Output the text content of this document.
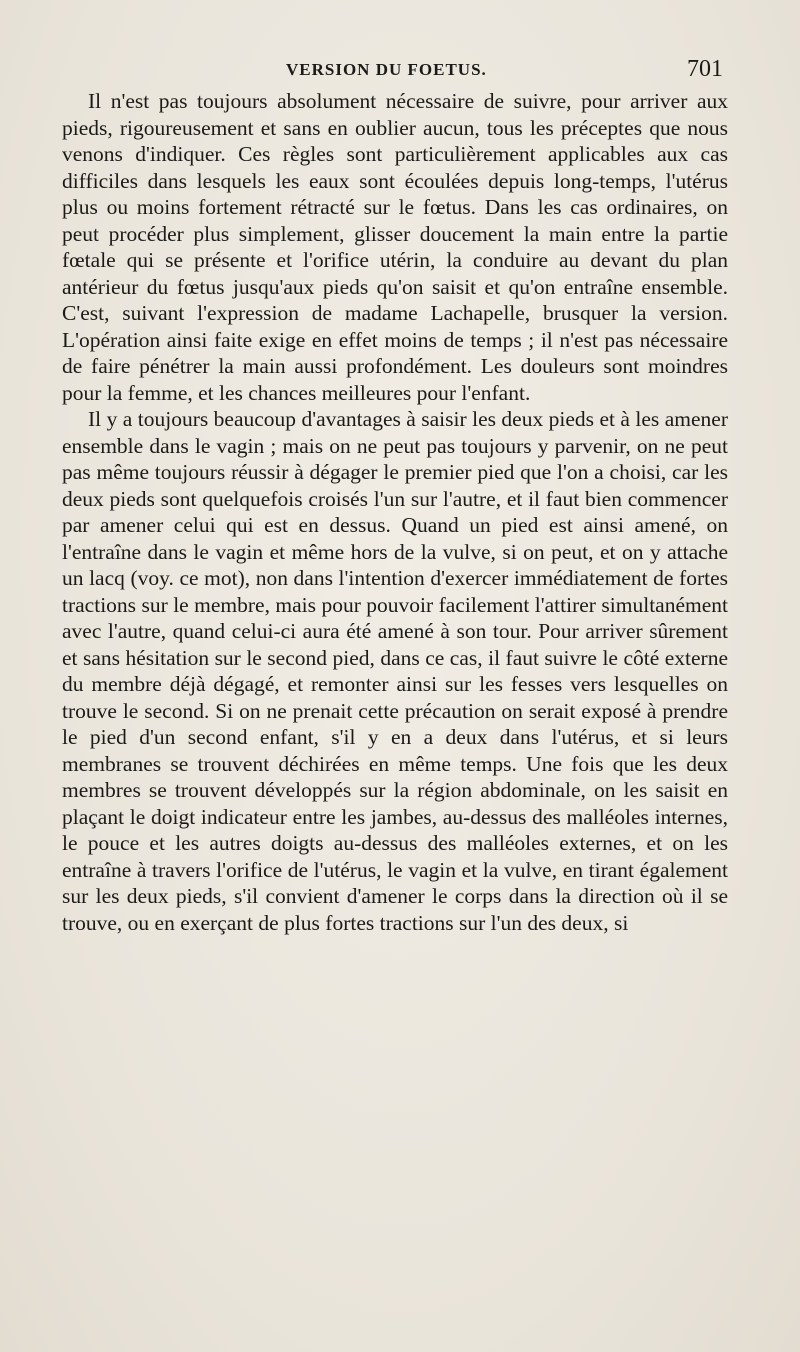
VERSION DU FOETUS.	701

Il n'est pas toujours absolument nécessaire de suivre, pour arriver aux pieds, rigoureusement et sans en oublier aucun, tous les préceptes que nous venons d'indiquer. Ces règles sont particulièrement applicables aux cas difficiles dans lesquels les eaux sont écoulées depuis long-temps, l'utérus plus ou moins fortement rétracté sur le fœtus. Dans les cas ordinaires, on peut procéder plus simplement, glisser doucement la main entre la partie fœtale qui se présente et l'orifice utérin, la conduire au devant du plan antérieur du fœtus jusqu'aux pieds qu'on saisit et qu'on entraîne ensemble. C'est, suivant l'expression de madame Lachapelle, brusquer la version. L'opération ainsi faite exige en effet moins de temps ; il n'est pas nécessaire de faire pénétrer la main aussi profondément. Les douleurs sont moindres pour la femme, et les chances meilleures pour l'enfant.

Il y a toujours beaucoup d'avantages à saisir les deux pieds et à les amener ensemble dans le vagin ; mais on ne peut pas toujours y parvenir, on ne peut pas même toujours réussir à dégager le premier pied que l'on a choisi, car les deux pieds sont quelquefois croisés l'un sur l'autre, et il faut bien commencer par amener celui qui est en dessus. Quand un pied est ainsi amené, on l'entraîne dans le vagin et même hors de la vulve, si on peut, et on y attache un lacq (voy. ce mot), non dans l'intention d'exercer immédiatement de fortes tractions sur le membre, mais pour pouvoir facilement l'attirer simultanément avec l'autre, quand celui-ci aura été amené à son tour. Pour arriver sûrement et sans hésitation sur le second pied, dans ce cas, il faut suivre le côté externe du membre déjà dégagé, et remonter ainsi sur les fesses vers lesquelles on trouve le second. Si on ne prenait cette précaution on serait exposé à prendre le pied d'un second enfant, s'il y en a deux dans l'utérus, et si leurs membranes se trouvent déchirées en même temps. Une fois que les deux membres se trouvent développés sur la région abdominale, on les saisit en plaçant le doigt indicateur entre les jambes, au-dessus des malléoles internes, le pouce et les autres doigts au-dessus des malléoles externes, et on les entraîne à travers l'orifice de l'utérus, le vagin et la vulve, en tirant également sur les deux pieds, s'il convient d'amener le corps dans la direction où il se trouve, ou en exerçant de plus fortes tractions sur l'un des deux, si
